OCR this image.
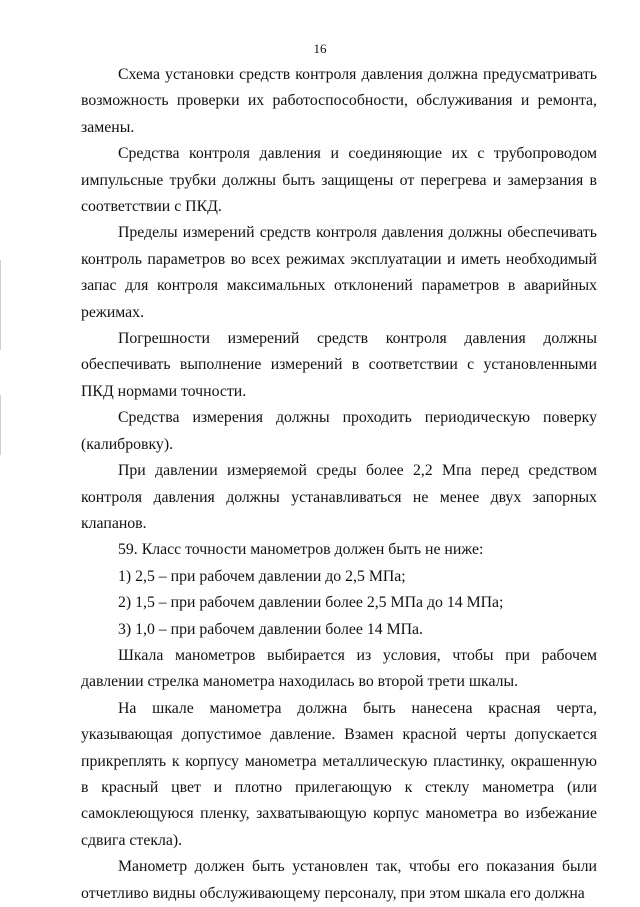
16

Схема установки средств контроля давления должна предусматривать возможность проверки их работоспособности, обслуживания и ремонта, замены.

Средства контроля давления и соединяющие их с трубопроводом импульсные трубки должны быть защищены от перегрева и замерзания в соответствии с ПКД.

Пределы измерений средств контроля давления должны обеспечивать контроль параметров во всех режимах эксплуатации и иметь необходимый запас для контроля максимальных отклонений параметров в аварийных режимах.

Погрешности измерений средств контроля давления должны обеспечивать выполнение измерений в соответствии с установленными ПКД нормами точности.

Средства измерения должны проходить периодическую поверку (калибровку).

При давлении измеряемой среды более 2,2 Мпа перед средством контроля давления должны устанавливаться не менее двух запорных клапанов.

59. Класс точности манометров должен быть не ниже:

1) 2,5 – при рабочем давлении до 2,5 МПа;

2) 1,5 – при рабочем давлении более 2,5 МПа до 14 МПа;

3) 1,0 – при рабочем давлении более 14 МПа.

Шкала манометров выбирается из условия, чтобы при рабочем давлении стрелка манометра находилась во второй трети шкалы.

На шкале манометра должна быть нанесена красная черта, указывающая допустимое давление. Взамен красной черты допускается прикреплять к корпусу манометра металлическую пластинку, окрашенную в красный цвет и плотно прилегающую к стеклу манометра (или самоклеющуюся пленку, захватывающую корпус манометра во избежание сдвига стекла).

Манометр должен быть установлен так, чтобы его показания были отчетливо видны обслуживающему персоналу, при этом шкала его должна
